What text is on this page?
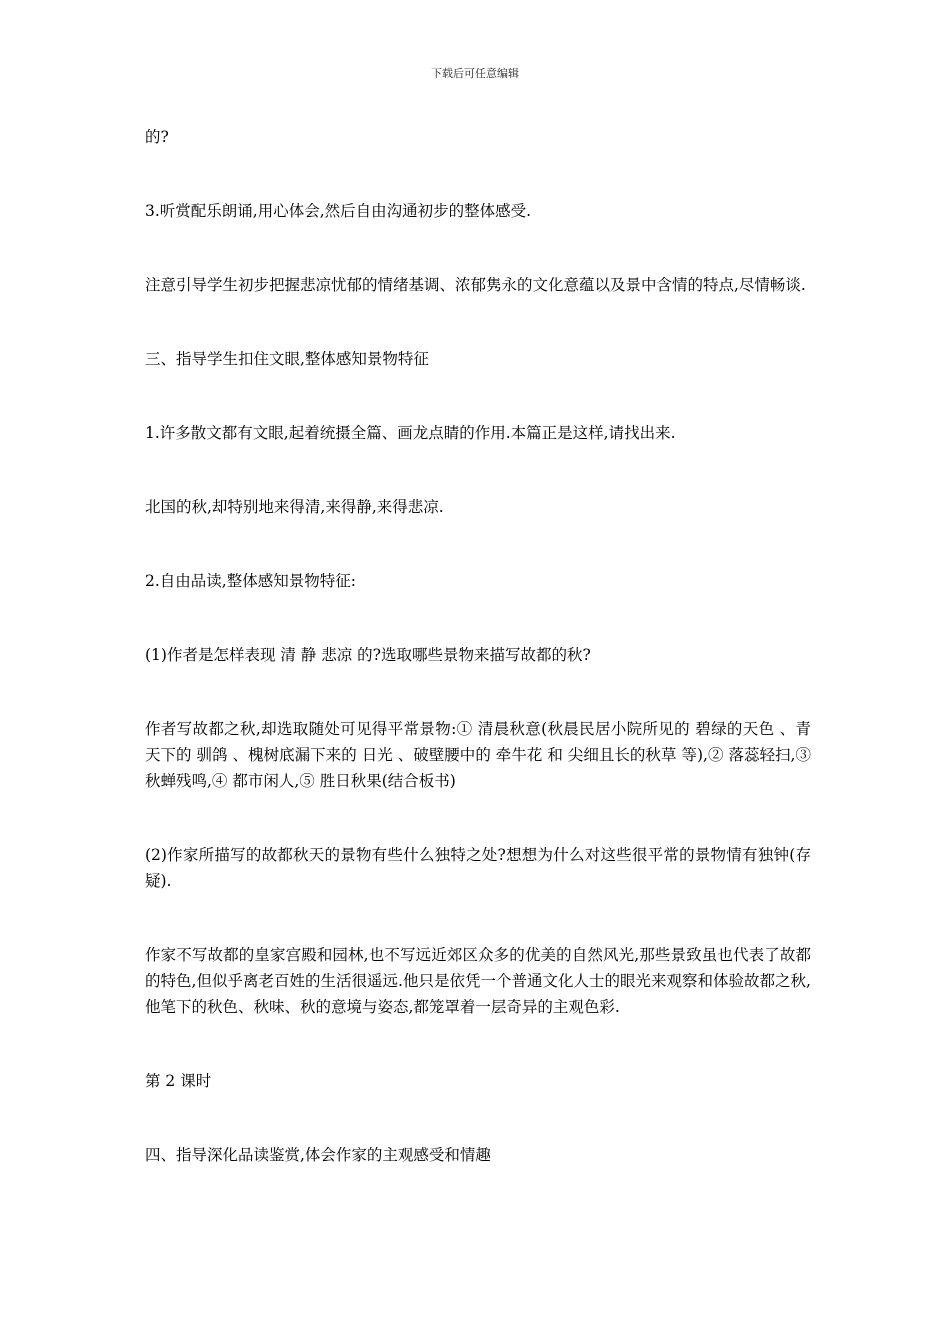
下载后可任意编辑

的?

3.听赏配乐朗诵,用心体会,然后自由沟通初步的整体感受.

注意引导学生初步把握悲凉忧郁的情绪基调、浓郁隽永的文化意蕴以及景中含情的特点,尽情畅谈.

三、指导学生扣住文眼,整体感知景物特征

1.许多散文都有文眼,起着统摄全篇、画龙点睛的作用.本篇正是这样,请找出来.

北国的秋,却特别地来得清,来得静,来得悲凉.

2.自由品读,整体感知景物特征:

(1)作者是怎样表现 清 静 悲凉 的?选取哪些景物来描写故都的秋?

作者写故都之秋,却选取随处可见得平常景物:① 清晨秋意(秋晨民居小院所见的 碧绿的天色 、青天下的 驯鸽 、槐树底漏下来的 日光 、破壁腰中的 牵牛花 和 尖细且长的秋草 等),② 落蕊轻扫,③ 秋蝉残鸣,④ 都市闲人,⑤ 胜日秋果(结合板书)

(2)作家所描写的故都秋天的景物有些什么独特之处?想想为什么对这些很平常的景物情有独钟(存疑).

作家不写故都的皇家宫殿和园林,也不写远近郊区众多的优美的自然风光,那些景致虽也代表了故都的特色,但似乎离老百姓的生活很遥远.他只是依凭一个普通文化人士的眼光来观察和体验故都之秋,他笔下的秋色、秋味、秋的意境与姿态,都笼罩着一层奇异的主观色彩.

第 2 课时

四、指导深化品读鉴赏,体会作家的主观感受和情趣
